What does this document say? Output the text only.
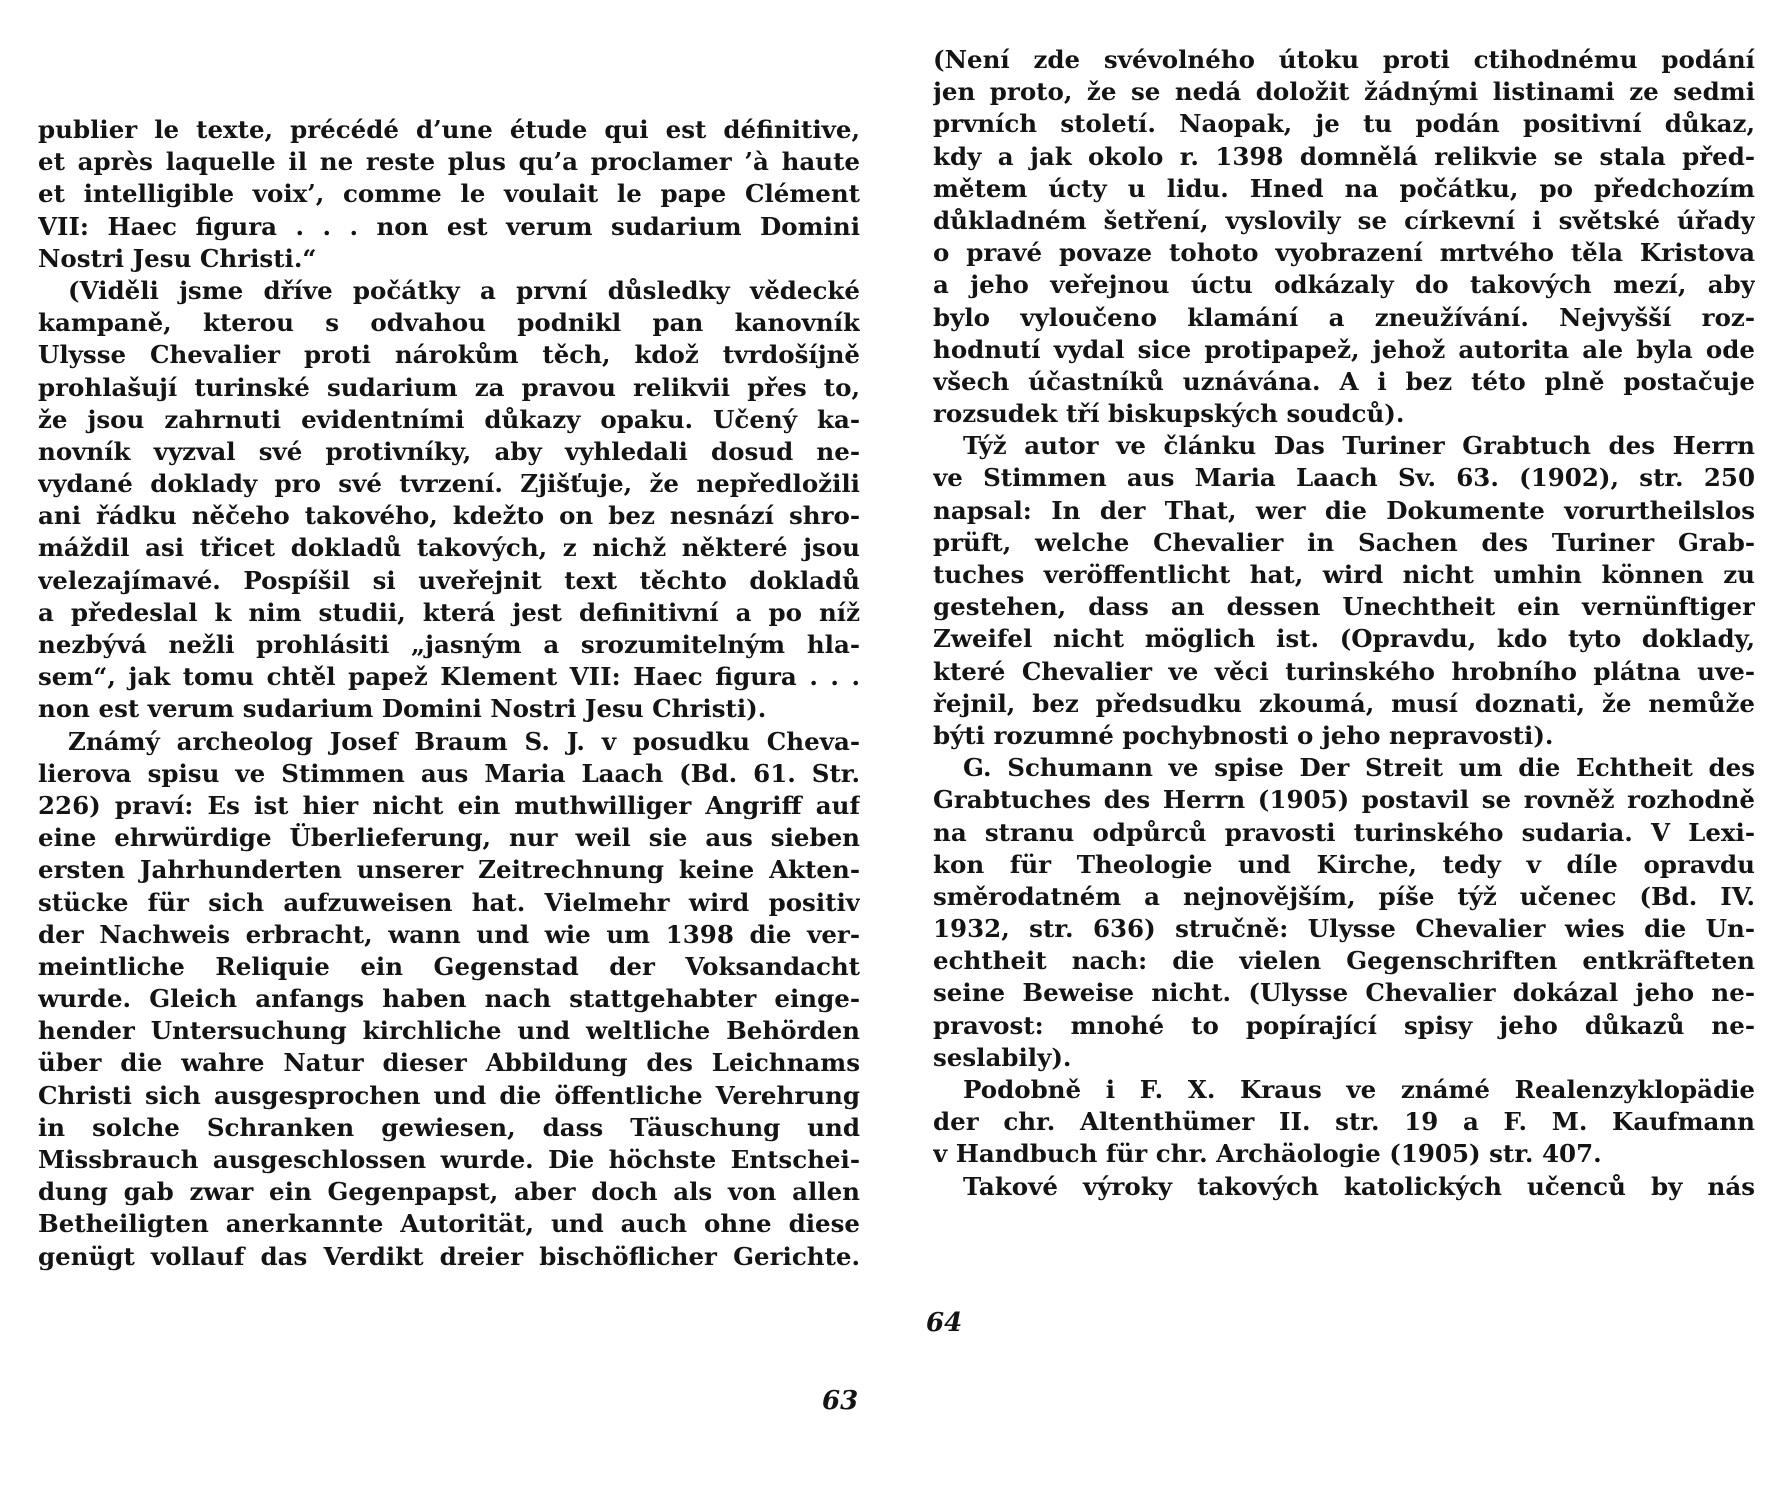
publier le texte, précédé d’une étude qui est définitive,
et après laquelle il ne reste plus qu’a proclamer ’à haute
et intelligible voix’, comme le voulait le pape Clément
VII: Haec figura . . . non est verum sudarium Domini
Nostri Jesu Christi.“
(Viděli jsme dříve počátky a první důsledky vědecké
kampaně, kterou s odvahou podnikl pan kanovník
Ulysse Chevalier proti nárokům těch, kdož tvrdošíjně
prohlašují turinské sudarium za pravou relikvii přes to,
že jsou zahrnuti evidentními důkazy opaku. Učený ka-
novník vyzval své protivníky, aby vyhledali dosud ne-
vydané doklady pro své tvrzení. Zjišťuje, že nepředložili
ani řádku něčeho takového, kdežto on bez nesnází shro-
máždil asi třicet dokladů takových, z nichž některé jsou
velezajímavé. Pospíšil si uveřejnit text těchto dokladů
a předeslal k nim studii, která jest definitivní a po níž
nezbývá nežli prohlásiti „jasným a srozumitelným hla-
sem“, jak tomu chtěl papež Klement VII: Haec figura . . .
non est verum sudarium Domini Nostri Jesu Christi).
Známý archeolog Josef Braum S. J. v posudku Cheva-
lierova spisu ve Stimmen aus Maria Laach (Bd. 61. Str.
226) praví: Es ist hier nicht ein muthwilliger Angriff auf
eine ehrwürdige Überlieferung, nur weil sie aus sieben
ersten Jahrhunderten unserer Zeitrechnung keine Akten-
stücke für sich aufzuweisen hat. Vielmehr wird positiv
der Nachweis erbracht, wann und wie um 1398 die ver-
meintliche Reliquie ein Gegenstad der Voksandacht
wurde. Gleich anfangs haben nach stattgehabter einge-
hender Untersuchung kirchliche und weltliche Behörden
über die wahre Natur dieser Abbildung des Leichnams
Christi sich ausgesprochen und die öffentliche Verehrung
in solche Schranken gewiesen, dass Täuschung und
Missbrauch ausgeschlossen wurde. Die höchste Entschei-
dung gab zwar ein Gegenpapst, aber doch als von allen
Betheiligten anerkannte Autorität, und auch ohne diese
genügt vollauf das Verdikt dreier bischöflicher Gerichte.
63
(Není zde svévolného útoku proti ctihodnému podání
jen proto, že se nedá doložit žádnými listinami ze sedmi
prvních století. Naopak, je tu podán positivní důkaz,
kdy a jak okolo r. 1398 domnělá relikvie se stala před-
mětem úcty u lidu. Hned na počátku, po předchozím
důkladném šetření, vyslovily se církevní i světské úřady
o pravé povaze tohoto vyobrazení mrtvého těla Kristova
a jeho veřejnou úctu odkázaly do takových mezí, aby
bylo vyloučeno klamání a zneužívání. Nejvyšší roz-
hodnutí vydal sice protipapež, jehož autorita ale byla ode
všech účastníků uznávána. A i bez této plně postačuje
rozsudek tří biskupských soudců).
Týž autor ve článku Das Turiner Grabtuch des Herrn
ve Stimmen aus Maria Laach Sv. 63. (1902), str. 250
napsal: In der That, wer die Dokumente vorurtheilslos
prüft, welche Chevalier in Sachen des Turiner Grab-
tuches veröffentlicht hat, wird nicht umhin können zu
gestehen, dass an dessen Unechtheit ein vernünftiger
Zweifel nicht möglich ist. (Opravdu, kdo tyto doklady,
které Chevalier ve věci turinského hrobního plátna uve-
řejnil, bez předsudku zkoumá, musí doznati, že nemůže
býti rozumné pochybnosti o jeho nepravosti).
G. Schumann ve spise Der Streit um die Echtheit des
Grabtuches des Herrn (1905) postavil se rovněž rozhodně
na stranu odpůrců pravosti turinského sudaria. V Lexi-
kon für Theologie und Kirche, tedy v díle opravdu
směrodatném a nejnovějším, píše týž učenec (Bd. IV.
1932, str. 636) stručně: Ulysse Chevalier wies die Un-
echtheit nach: die vielen Gegenschriften entkräfteten
seine Beweise nicht. (Ulysse Chevalier dokázal jeho ne-
pravost: mnohé to popírající spisy jeho důkazů ne-
seslabily).
Podobně i F. X. Kraus ve známé Realenzyklopädie
der chr. Altenthümer II. str. 19 a F. M. Kaufmann
v Handbuch für chr. Archäologie (1905) str. 407.
Takové výroky takových katolických učenců by nás
64
